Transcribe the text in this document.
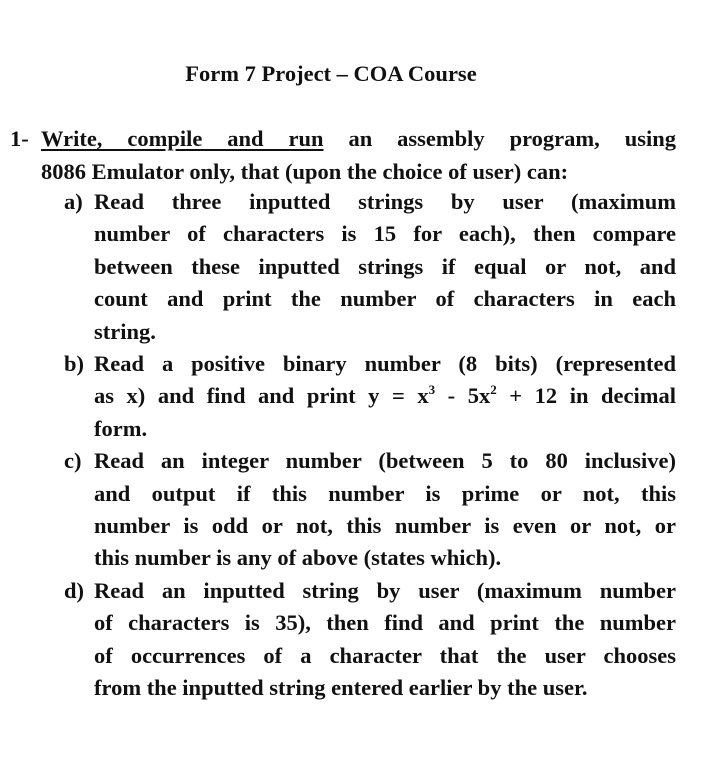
Form 7 Project – COA Course
1- Write, compile and run an assembly program, using
8086 Emulator only, that (upon the choice of user) can:
a) Read three inputted strings by user (maximum
number of characters is 15 for each), then compare
between these inputted strings if equal or not, and
count and print the number of characters in each
string.
b) Read a positive binary number (8 bits) (represented
as x) and find and print $y = x^3 - 5x^2 + 12$ in decimal
form.
c) Read an integer number (between 5 to 80 inclusive)
and output if this number is prime or not, this
number is odd or not, this number is even or not, or
this number is any of above (states which).
d) Read an inputted string by user (maximum number
of characters is 35), then find and print the number
of occurrences of a character that the user chooses
from the inputted string entered earlier by the user.
